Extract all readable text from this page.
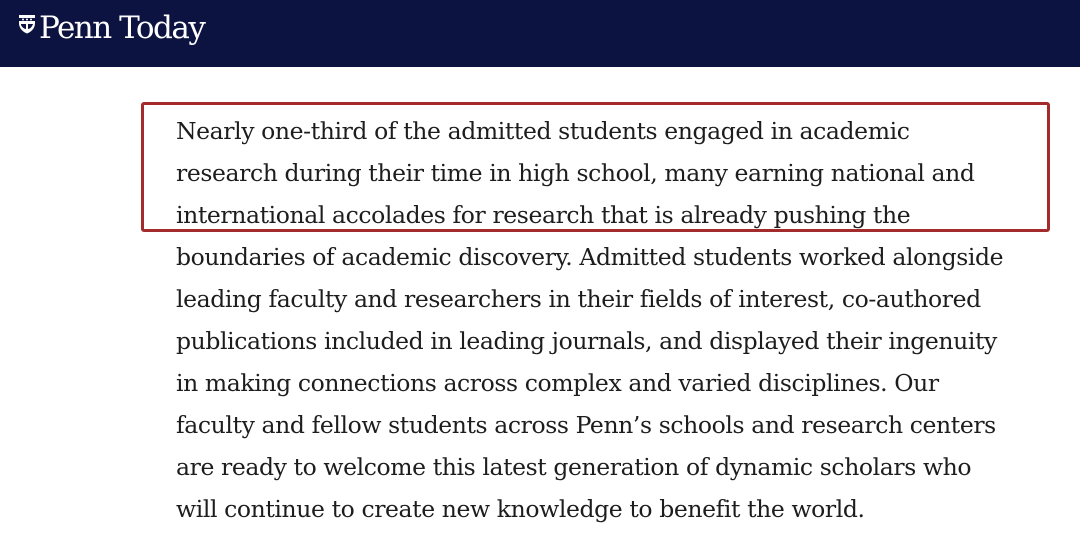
Penn Today

Nearly one-third of the admitted students engaged in academic
research during their time in high school, many earning national and
international accolades for research that is already pushing the
boundaries of academic discovery. Admitted students worked alongside
leading faculty and researchers in their fields of interest, co-authored
publications included in leading journals, and displayed their ingenuity
in making connections across complex and varied disciplines. Our
faculty and fellow students across Penn’s schools and research centers
are ready to welcome this latest generation of dynamic scholars who
will continue to create new knowledge to benefit the world.
